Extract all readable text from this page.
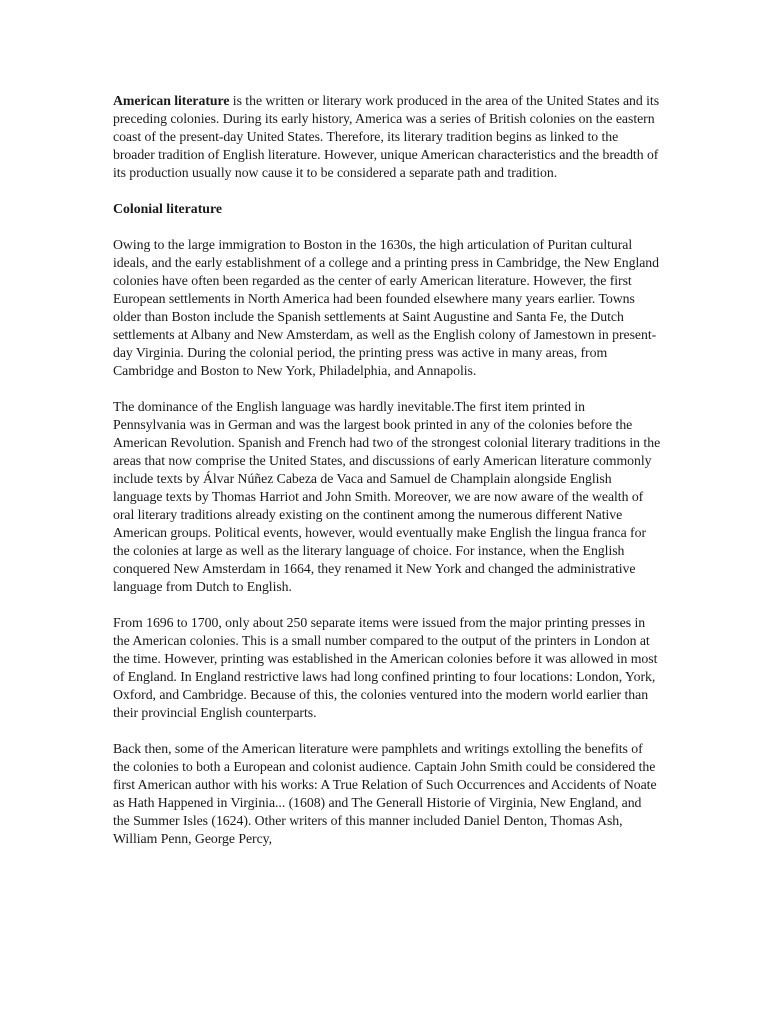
American literature is the written or literary work produced in the area of the United States and its preceding colonies. During its early history, America was a series of British colonies on the eastern coast of the present-day United States. Therefore, its literary tradition begins as linked to the broader tradition of English literature. However, unique American characteristics and the breadth of its production usually now cause it to be considered a separate path and tradition.

Colonial literature

Owing to the large immigration to Boston in the 1630s, the high articulation of Puritan cultural ideals, and the early establishment of a college and a printing press in Cambridge, the New England colonies have often been regarded as the center of early American literature. However, the first European settlements in North America had been founded elsewhere many years earlier. Towns older than Boston include the Spanish settlements at Saint Augustine and Santa Fe, the Dutch settlements at Albany and New Amsterdam, as well as the English colony of Jamestown in present-day Virginia. During the colonial period, the printing press was active in many areas, from Cambridge and Boston to New York, Philadelphia, and Annapolis.

The dominance of the English language was hardly inevitable.The first item printed in Pennsylvania was in German and was the largest book printed in any of the colonies before the American Revolution. Spanish and French had two of the strongest colonial literary traditions in the areas that now comprise the United States, and discussions of early American literature commonly include texts by Álvar Núñez Cabeza de Vaca and Samuel de Champlain alongside English language texts by Thomas Harriot and John Smith. Moreover, we are now aware of the wealth of oral literary traditions already existing on the continent among the numerous different Native American groups. Political events, however, would eventually make English the lingua franca for the colonies at large as well as the literary language of choice. For instance, when the English conquered New Amsterdam in 1664, they renamed it New York and changed the administrative language from Dutch to English.

From 1696 to 1700, only about 250 separate items were issued from the major printing presses in the American colonies. This is a small number compared to the output of the printers in London at the time. However, printing was established in the American colonies before it was allowed in most of England. In England restrictive laws had long confined printing to four locations: London, York, Oxford, and Cambridge. Because of this, the colonies ventured into the modern world earlier than their provincial English counterparts.

Back then, some of the American literature were pamphlets and writings extolling the benefits of the colonies to both a European and colonist audience. Captain John Smith could be considered the first American author with his works: A True Relation of Such Occurrences and Accidents of Noate as Hath Happened in Virginia... (1608) and The Generall Historie of Virginia, New England, and the Summer Isles (1624). Other writers of this manner included Daniel Denton, Thomas Ash, William Penn, George Percy,
